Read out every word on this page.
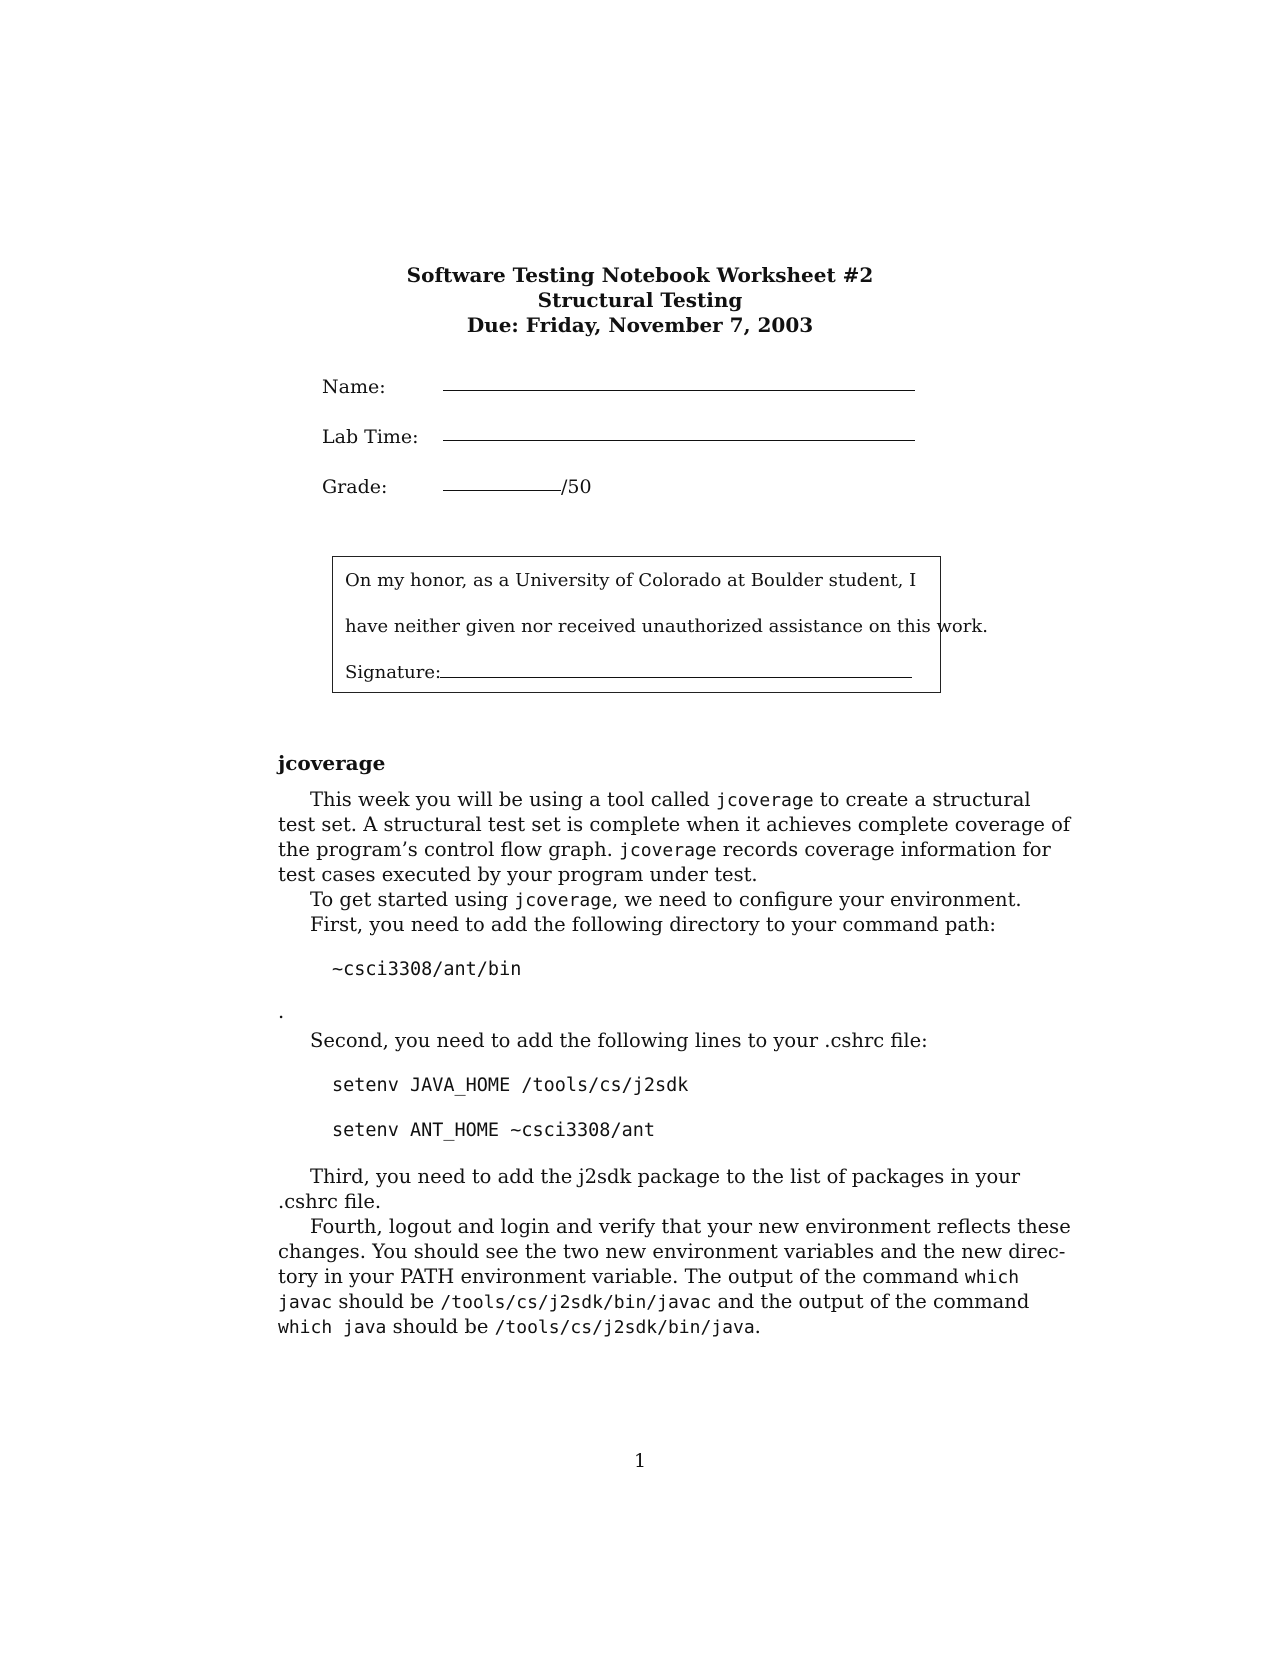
Software Testing Notebook Worksheet #2
Structural Testing
Due: Friday, November 7, 2003
Name:
Lab Time:
Grade:	/50
On my honor, as a University of Colorado at Boulder student, I
have neither given nor received unauthorized assistance on this work.
Signature:
jcoverage
This week you will be using a tool called jcoverage to create a structural
test set. A structural test set is complete when it achieves complete coverage of
the program’s control flow graph. jcoverage records coverage information for
test cases executed by your program under test.
To get started using jcoverage, we need to configure your environment.
First, you need to add the following directory to your command path:
~csci3308/ant/bin
.
Second, you need to add the following lines to your .cshrc file:
setenv JAVA_HOME /tools/cs/j2sdk
setenv ANT_HOME ~csci3308/ant
Third, you need to add the j2sdk package to the list of packages in your
.cshrc file.
Fourth, logout and login and verify that your new environment reflects these
changes. You should see the two new environment variables and the new direc-
tory in your PATH environment variable. The output of the command which
javac should be /tools/cs/j2sdk/bin/javac and the output of the command
which java should be /tools/cs/j2sdk/bin/java.
1
